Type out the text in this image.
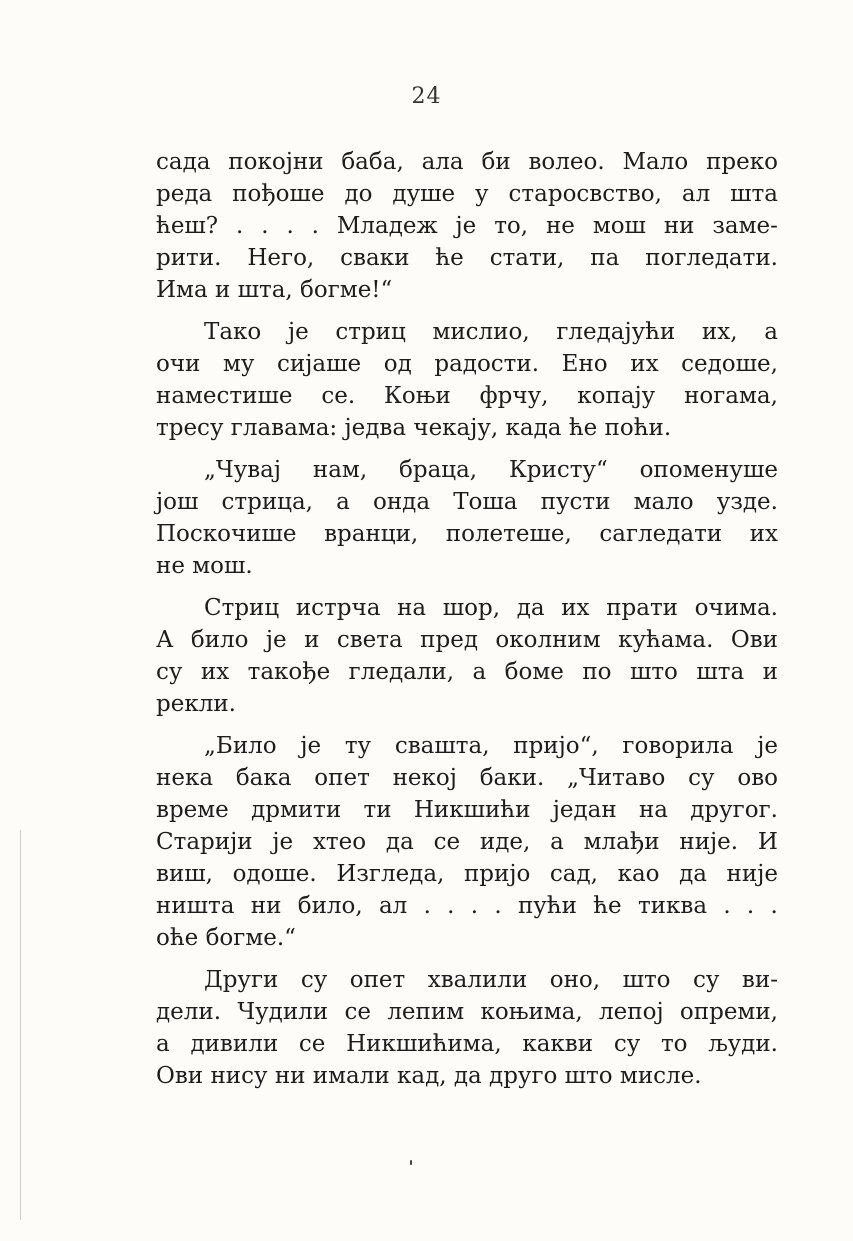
24
сада покојни баба, ала би волео. Мало преко
реда пођоше до душе у старосвство, ал шта
ћеш? . . . . Младеж је то, не мош ни заме-
рити. Него, сваки ће стати, па погледати.
Има и шта, богме!“
Тако је стриц мислио, гледајући их, а
очи му сијаше од радости. Ено их седоше,
наместише се. Коњи фрчу, копају ногама,
тресу главама: једва чекају, када ће поћи.
„Чувај нам, браца, Кристу“ опоменуше
још стрица, а онда Тоша пусти мало узде.
Поскочише вранци, полетеше, сагледати их
не мош.
Стриц истрча на шор, да их прати очима.
А било је и света пред околним кућама. Ови
су их такође гледали, а боме по што шта и
рекли.
„Било је ту свашта, пријо“, говорила је
нека бака опет некој баки. „Читаво су ово
време дрмити ти Никшићи један на другог.
Старији је хтео да се иде, а млађи није. И
виш, одоше. Изгледа, пријо сад, као да није
ништа ни било, ал . . . . пући ће тиква . . .
оће богме.“
Други су опет хвалили оно, што су ви-
дели. Чудили се лепим коњима, лепој опреми,
а дивили се Никшићима, какви су то људи.
Ови нису ни имали кад, да друго што мисле.
